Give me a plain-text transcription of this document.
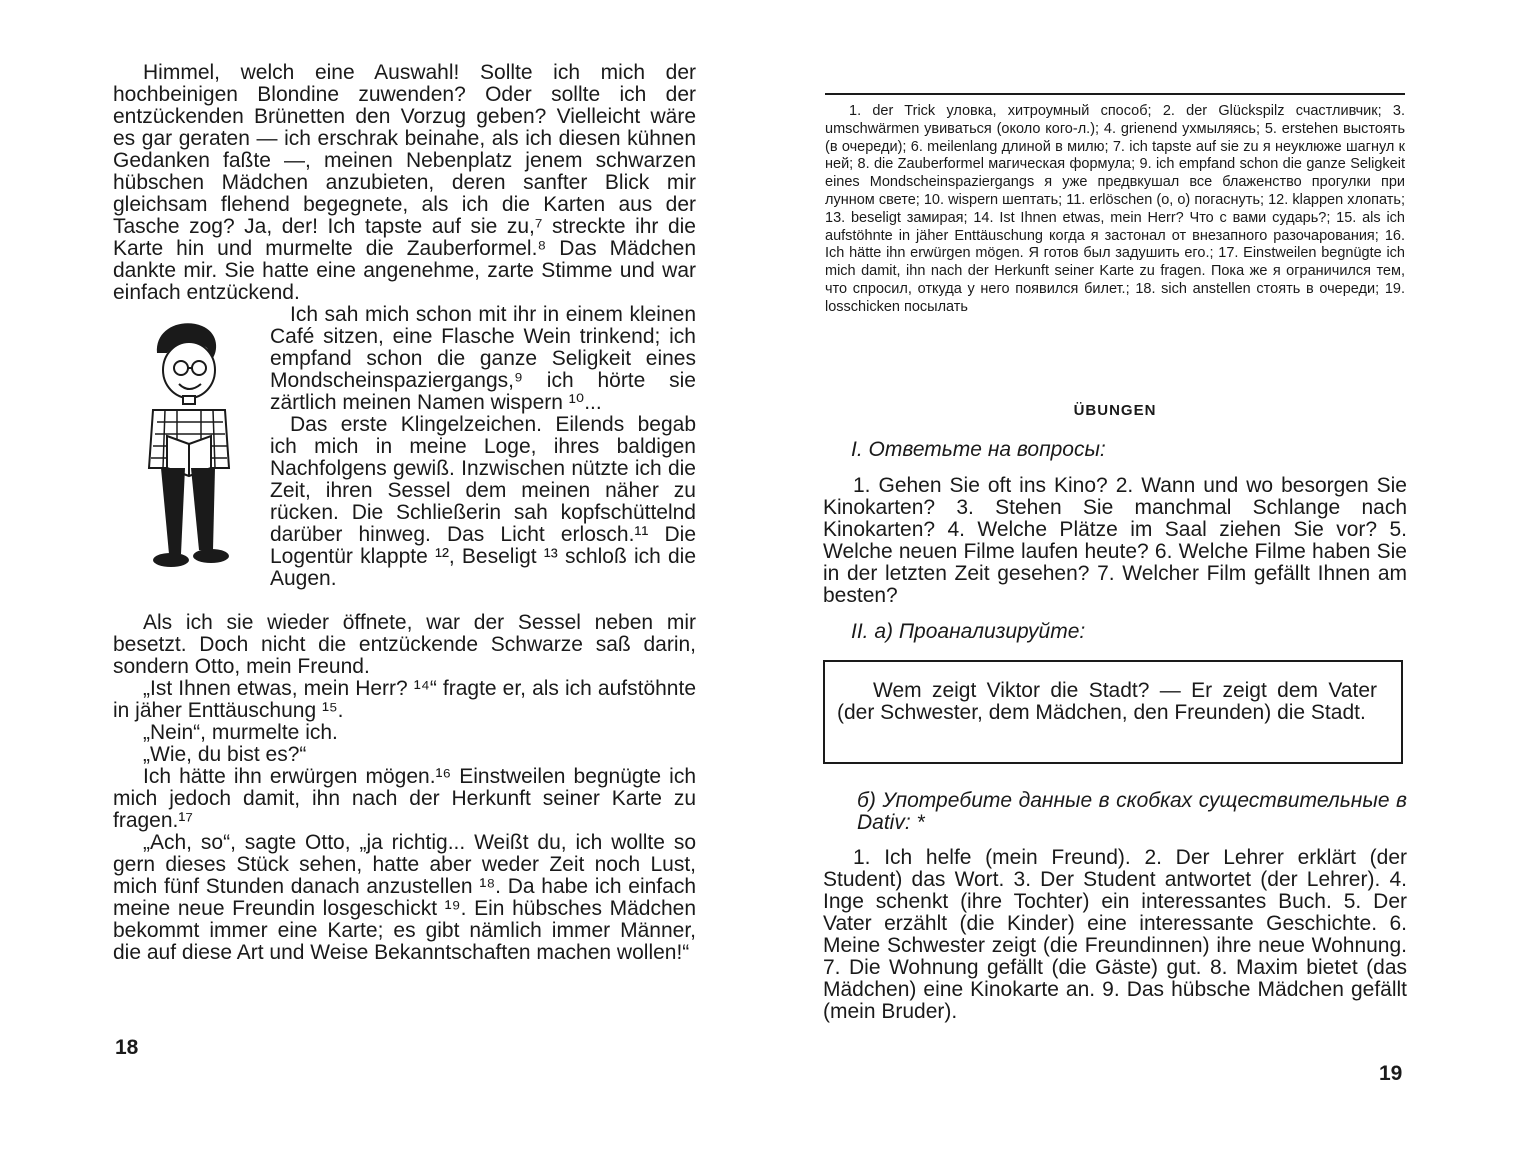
Himmel, welch eine Auswahl! Sollte ich mich der hochbeinigen Blondine zuwenden? Oder sollte ich der entzückenden Brünetten den Vorzug geben? Vielleicht wäre es gar geraten — ich erschrak beinahe, als ich diesen kühnen Gedanken faßte —, meinen Nebenplatz jenem schwarzen hübschen Mädchen anzubieten, deren sanfter Blick mir gleichsam flehend begegnete, als ich die Karten aus der Tasche zog? Ja, der! Ich tapste auf sie zu,⁷ streckte ihr die Karte hin und murmelte die Zauberformel.⁸ Das Mädchen dankte mir. Sie hatte eine angenehme, zarte Stimme und war einfach entzückend.

Ich sah mich schon mit ihr in einem kleinen Café sitzen, eine Flasche Wein trinkend; ich empfand schon die ganze Seligkeit eines Mondscheinspaziergangs,⁹ ich hörte sie zärtlich meinen Namen wispern ¹⁰...

Das erste Klingelzeichen. Eilends begab ich mich in meine Loge, ihres baldigen Nachfolgens gewiß. Inzwischen nützte ich die Zeit, ihren Sessel dem meinen näher zu rücken. Die Schließerin sah kopfschüttelnd darüber hinweg. Das Licht erlosch.¹¹ Die Logentür klappte ¹², Beseligt ¹³ schloß ich die Augen.

Als ich sie wieder öffnete, war der Sessel neben mir besetzt. Doch nicht die entzückende Schwarze saß darin, sondern Otto, mein Freund.

„Ist Ihnen etwas, mein Herr? ¹⁴“ fragte er, als ich aufstöhnte in jäher Enttäuschung ¹⁵.

„Nein“, murmelte ich.

„Wie, du bist es?“

Ich hätte ihn erwürgen mögen.¹⁶ Einstweilen begnügte ich mich jedoch damit, ihn nach der Herkunft seiner Karte zu fragen.¹⁷

„Ach, so“, sagte Otto, „ja richtig... Weißt du, ich wollte so gern dieses Stück sehen, hatte aber weder Zeit noch Lust, mich fünf Stunden danach anzustellen ¹⁸. Da habe ich einfach meine neue Freundin losgeschickt ¹⁹. Ein hübsches Mädchen bekommt immer eine Karte; es gibt nämlich immer Männer, die auf diese Art und Weise Bekanntschaften machen wollen!“

18

1. der Trick уловка, хитроумный способ; 2. der Glückspilz счастливчик; 3. umschwärmen увиваться (около кого-л.); 4. grienend ухмыляясь; 5. erstehen выстоять (в очереди); 6. meilenlang длиной в милю; 7. ich tapste auf sie zu я неуклюже шагнул к ней; 8. die Zauberformel магическая формула; 9. ich empfand schon die ganze Seligkeit eines Mondscheinspaziergangs я уже предвкушал все блаженство прогулки при лунном свете; 10. wispern шептать; 11. erlöschen (o, o) погаснуть; 12. klappen хлопать; 13. beseligt замирая; 14. Ist Ihnen etwas, mein Herr? Что с вами сударь?; 15. als ich aufstöhnte in jäher Enttäuschung когда я застонал от внезапного разочарования; 16. Ich hätte ihn erwürgen mögen. Я готов был задушить его.; 17. Einstweilen begnügte ich mich damit, ihn nach der Herkunft seiner Karte zu fragen. Пока же я ограничился тем, что спросил, откуда у него появился билет.; 18. sich anstellen стоять в очереди; 19. losschicken посылать

ÜBUNGEN
I. Ответьте на вопросы:

1. Gehen Sie oft ins Kino? 2. Wann und wo besorgen Sie Kinokarten? 3. Stehen Sie manchmal Schlange nach Kinokarten? 4. Welche Plätze im Saal ziehen Sie vor? 5. Welche neuen Filme laufen heute? 6. Welche Filme haben Sie in der letzten Zeit gesehen? 7. Welcher Film gefällt Ihnen am besten?

II. а) Проанализируйте:

Wem zeigt Viktor die Stadt? — Er zeigt dem Vater (der Schwester, dem Mädchen, den Freunden) die Stadt.

б) Употребите данные в скобках существительные в Dativ: *

1. Ich helfe (mein Freund). 2. Der Lehrer erklärt (der Student) das Wort. 3. Der Student antwortet (der Lehrer). 4. Inge schenkt (ihre Tochter) ein interessantes Buch. 5. Der Vater erzählt (die Kinder) eine interessante Geschichte. 6. Meine Schwester zeigt (die Freundinnen) ihre neue Wohnung. 7. Die Wohnung gefällt (die Gäste) gut. 8. Maxim bietet (das Mädchen) eine Kinokarte an. 9. Das hübsche Mädchen gefällt (mein Bruder).

19
